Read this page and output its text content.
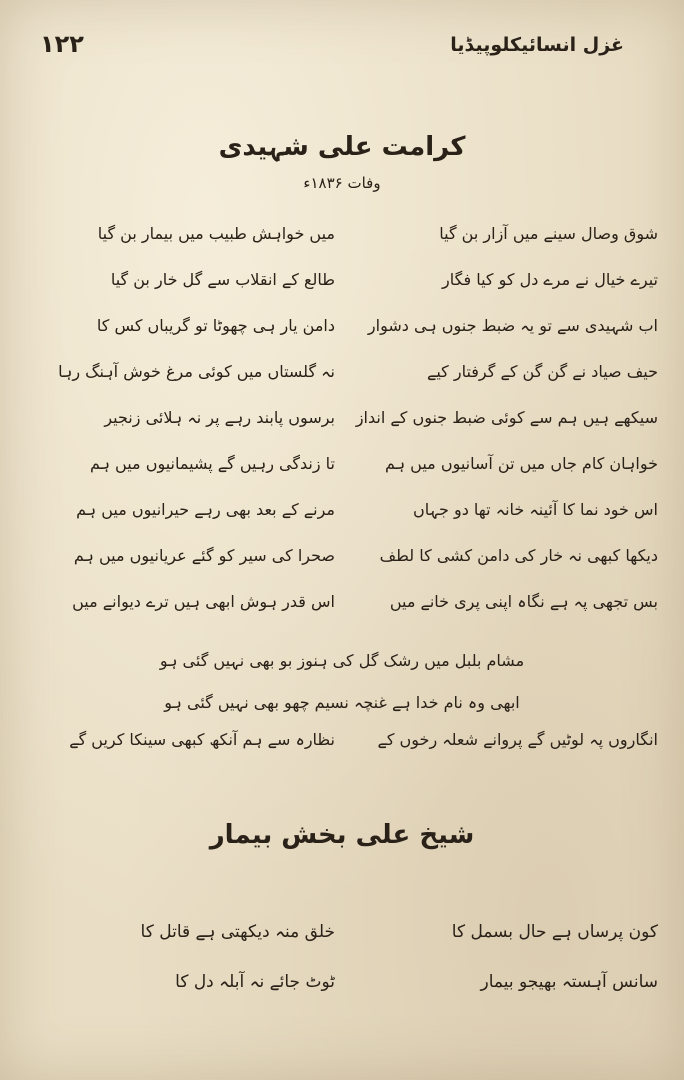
۱۲۲	غزل انسائیکلوپیڈیا
کرامت علی شہیدی
وفات ۱۸۳۶ء
شوق وصال سینے میں آزار بن گیا
میں خواہش طبیب میں بیمار بن گیا
تیرے خیال نے مرے دل کو کیا فگار
طالع کے انقلاب سے گل خار بن گیا
اب شہیدی سے تو یہ ضبط جنوں ہی دشوار
دامن یار ہی چھوٹا تو گریباں کس کا
حیف صیاد نے گن گن کے گرفتار کیے
نہ گلستاں میں کوئی مرغ خوش آہنگ رہا
سیکھے ہیں ہم سے کوئی ضبط جنوں کے انداز
برسوں پابند رہے پر نہ ہلائی زنجیر
خواہان کام جاں میں تن آسانیوں میں ہم
تا زندگی رہیں گے پشیمانیوں میں ہم
اس خود نما کا آئینہ خانہ تھا دو جہاں
مرنے کے بعد بھی رہے حیرانیوں میں ہم
دیکھا کبھی نہ خار کی دامن کشی کا لطف
صحرا کی سیر کو گئے عریانیوں میں ہم
بس تجھی پہ ہے نگاہ اپنی پری خانے میں
اس قدر ہوش ابھی ہیں ترے دیوانے میں
مشام بلبل میں رشک گل کی ہنوز بو بھی نہیں گئی ہو
ابھی وہ نام خدا ہے غنچہ نسیم چھو بھی نہیں گئی ہو
انگاروں پہ لوٹیں گے پروانے شعلہ رخوں کے
نظارہ سے ہم آنکھ کبھی سینکا کریں گے
شیخ علی بخش بیمار
کون پرساں ہے حال بسمل کا
خلق منہ دیکھتی ہے قاتل کا
سانس آہستہ بھیجو بیمار
ٹوٹ جائے نہ آبلہ دل کا
